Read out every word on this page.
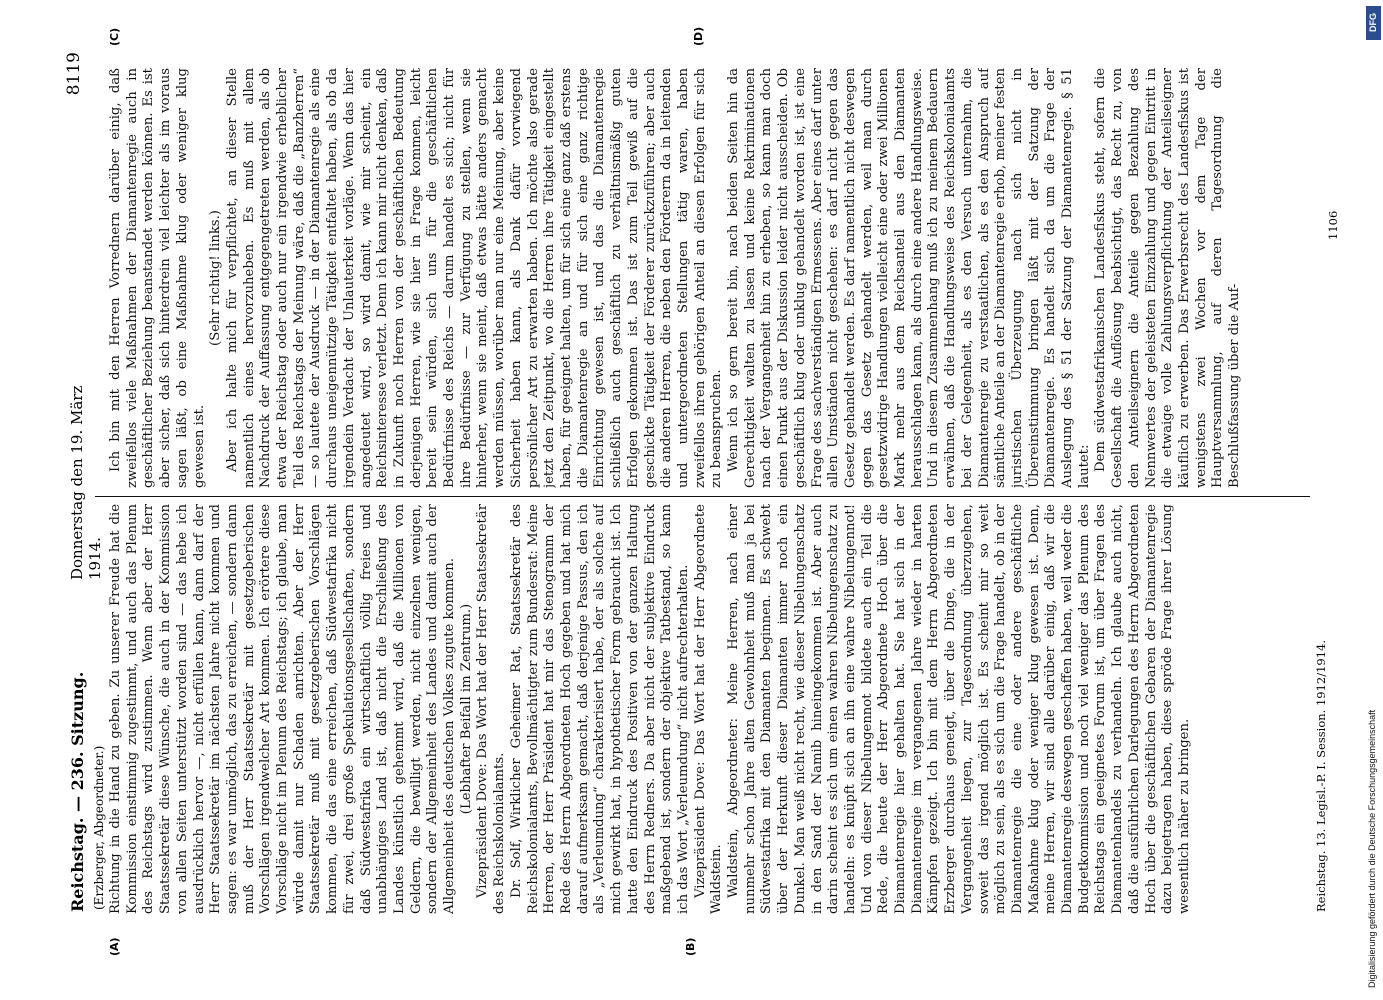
Reichstag. — 236. Sitzung.
Donnerstag den 19. März 1914.
8119
(A)	(B)
(C)	(D)
(Erzberger, Abgeordneter.) Richtung in die Hand zu geben. Zu unserer Freude hat die Kommission einstimmig zugestimmt, und auch das Plenum des Reichstags wird zustimmen. Wenn aber der Herr Staatssekretär diese Wünsche, die auch in der Kommission von allen Seiten unterstützt worden sind — das hebe ich ausdrücklich hervor —, nicht erfüllen kann, dann darf der Herr Staatssekretär im nächsten Jahre nicht kommen und sagen: es war unmöglich, das zu erreichen, — sondern dann muß der Herr Staatssekretär mit gesetzgeberischen Vorschlägen irgendwelcher Art kommen. Ich erörtere diese Vorschläge nicht im Plenum des Reichstags; ich glaube, man würde damit nur Schaden anrichten. Aber der Herr Staatssekretär muß mit gesetzgeberischen Vorschlägen kommen, die das eine erreichen, daß Südwestafrika nicht für zwei, drei große Spekulationsgesellschaften, sondern daß Südwestafrika ein wirtschaftlich völlig freies und unabhängiges Land ist, daß nicht die Erschließung des Landes künstlich gehemmt wird, daß die Millionen von Geldern, die bewilligt werden, nicht einzelnen wenigen, sondern der Allgemeinheit des Landes und damit auch der Allgemeinheit des deutschen Volkes zugute kommen. (Lebhafter Beifall im Zentrum.) Vizepräsident Dove: Das Wort hat der Herr Staatssekretär des Reichskolonialamts. Dr. Solf, Wirklicher Geheimer Rat, Staatssekretär des Reichskolonialamts, Bevollmächtigter zum Bundesrat: Meine Herren, der Herr Präsident hat mir das Stenogramm der Rede des Herrn Abgeordneten Hoch gegeben und hat mich darauf aufmerksam gemacht, daß derjenige Passus, den ich als „Verleumdung“ charakterisiert habe, der als solche auf mich gewirkt hat, in hypothetischer Form gebraucht ist. Ich hatte den Eindruck des Positiven von der ganzen Haltung des Herrn Redners. Da aber nicht der subjektive Eindruck maßgebend ist, sondern der objektive Tatbestand, so kann ich das Wort „Verleumdung“ nicht aufrechterhalten. Vizepräsident Dove: Das Wort hat der Herr Abgeordnete Waldstein. Waldstein, Abgeordneter: Meine Herren, nach einer nunmehr schon Jahre alten Gewohnheit muß man ja bei Südwestafrika mit den Diamanten beginnen. Es schwebt über der Herkunft dieser Diamanten immer noch ein Dunkel. Man weiß nicht recht, wie dieser Nibelungenschatz in den Sand der Namib hineingekommen ist. Aber auch darin scheint es sich um einen wahren Nibelungenschatz zu handeln: es knüpft sich an ihn eine wahre Nibelungennot! Und von dieser Nibelungennot bildete auch ein Teil die Rede, die heute der Herr Abgeordnete Hoch über die Diamantenregie hier gehalten hat. Sie hat sich in der Diamantenregie im vergangenen Jahre wieder in harten Kämpfen gezeigt. Ich bin mit dem Herrn Abgeordneten Erzberger durchaus geneigt, über die Dinge, die in der Vergangenheit liegen, zur Tagesordnung überzugehen, soweit das irgend möglich ist. Es scheint mir so weit möglich zu sein, als es sich um die Frage handelt, ob in der Diamantenregie die eine oder andere geschäftliche Maßnahme klug oder weniger klug gewesen ist. Denn, meine Herren, wir sind alle darüber einig, daß wir die Diamantenregie deswegen geschaffen haben, weil weder die Budgetkommission und noch viel weniger das Plenum des Reichstags ein geeignetes Forum ist, um über Fragen des Diamantenhandels zu verhandeln. Ich glaube auch nicht, daß die ausführlichen Darlegungen des Herrn Abgeordneten Hoch über die geschäftlichen Gebaren der Diamantenregie dazu beigetragen haben, diese spröde Frage ihrer Lösung wesentlich näher zu bringen.

Ich bin mit den Herren Vorrednern darüber einig, daß zweifellos viele Maßnahmen der Diamantenregie auch in geschäftlicher Beziehung beanstandet werden können. Es ist aber sicher, daß sich hinterdrein viel leichter als im voraus sagen läßt, ob eine Maßnahme klug oder weniger klug gewesen ist.

(Sehr richtig! links.) Aber ich halte mich für verpflichtet, an dieser Stelle namentlich eines hervorzuheben. Es muß mit allem Nachdruck der Auffassung entgegengetreten werden, als ob etwa der Reichstag oder auch nur ein irgendwie erheblicher Teil des Reichstags der Meinung wäre, daß die „Banzherren“ — so lautete der Ausdruck — in der Diamantenregie als eine durchaus uneigennützige Tätigkeit entfaltet haben, als ob da irgendein Verdacht der Unlauterkeit vorläge. Wenn das hier angedeutet wird, so wird damit, wie mir scheint, ein Reichsinteresse verletzt. Denn ich kann mir nicht denken, daß in Zukunft noch Herren von der geschäftlichen Bedeutung derjenigen Herren, wie sie hier in Frage kommen, leicht bereit sein würden, sich uns für die geschäftlichen Bedürfnisse des Reichs — darum handelt es sich; nicht für ihre Bedürfnisse — zur Verfügung zu stellen, wenn sie hinterher, wenn sie meint, daß etwas hätte anders gemacht werden müssen, worüber man nur eine Meinung, aber keine Sicherheit haben kann, als Dank dafür vorwiegend persönlicher Art zu erwarten haben. Ich möchte also gerade jetzt den Zeitpunkt, wo die Herren ihre Tätigkeit eingestellt haben, für geeignet halten, um für sich eine ganz daß erstens die Diamantenregie an und für sich eine ganz richtige Einrichtung gewesen ist, und das die Diamantenregie schließlich auch geschäftlich zu verhältnismäßig guten Erfolgen gekommen ist. Das ist zum Teil gewiß auf die geschickte Tätigkeit der Förderer zurückzuführen; aber auch die anderen Herren, die neben den Förderern da in leitenden und untergeordneten Stellungen tätig waren, haben zweifellos ihren gehörigen Anteil an diesen Erfolgen für sich zu beanspruchen. Wenn ich so gern bereit bin, nach beiden Seiten hin da Gerechtigkeit walten zu lassen und keine Rekriminationen nach der Vergangenheit hin zu erheben, so kann man doch einen Punkt aus der Diskussion leider nicht ausscheiden. Ob geschäftlich klug oder unklug gehandelt worden ist, ist eine Frage des sachverständigen Ermessens. Aber eines darf unter allen Umständen nicht geschehen: es darf nicht gegen das Gesetz gehandelt werden. Es darf namentlich nicht deswegen gegen das Gesetz gehandelt werden, weil man durch gesetzwidrige Handlungen vielleicht eine oder zwei Millionen Mark mehr aus dem Reichsanteil aus den Diamanten herausschlagen kann, als durch eine andere Handlungsweise. Und in diesem Zusammenhang muß ich zu meinem Bedauern erwähnen, daß die Handlungsweise des Reichskolonialamts bei der Gelegenheit, als es den Versuch unternahm, die Diamantenregie zu verstaatlichen, als es den Anspruch auf sämtliche Anteile an der Diamantenregie erhob, meiner festen juristischen Überzeugung nach sich nicht in Übereinstimmung bringen läßt mit der Satzung der Diamantenregie. Es handelt sich da um die Frage der Auslegung des § 51 der Satzung der Diamantenregie. § 51 lautet: Dem südwestafrikanischen Landesfiskus steht, sofern die Gesellschaft die Auflösung beabsichtigt, das Recht zu, von den Anteilseignern die Anteile gegen Bezahlung des Nennwertes der geleisteten Einzahlung und gegen Eintritt in die etwaige volle Zahlungsverpflichtung der Anteilseigner käuflich zu erwerben. Das Erwerbsrecht des Landesfiskus ist wenigstens zwei Wochen vor dem Tage der Hauptversammlung, auf deren Tagesordnung die Beschlußfassung über die Auf-

Reichstag. 13. Legisl.-P. I. Session. 1912/1914.
1106
Digitalisierung gefördert durch die Deutsche Forschungsgemeinschaft
DFG
